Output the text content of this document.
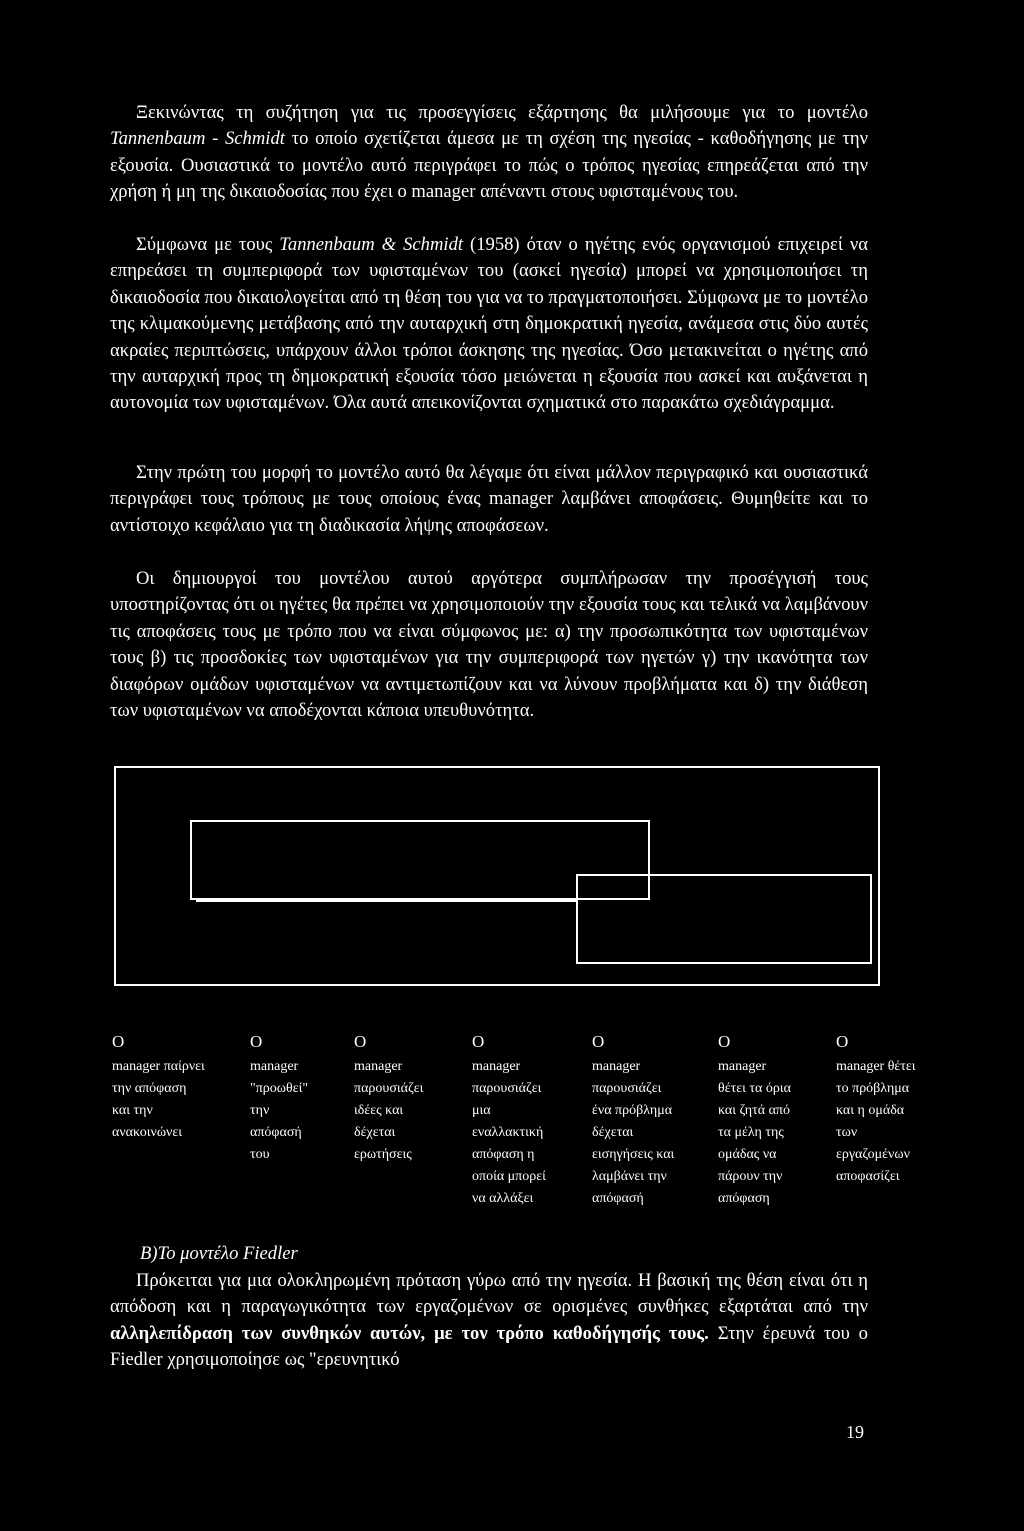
Ξεκινώντας τη συζήτηση για τις προσεγγίσεις εξάρτησης θα μιλήσουμε για το μοντέλο Tannenbaum - Schmidt το οποίο σχετίζεται άμεσα με τη σχέση της ηγεσίας - καθοδήγησης με την εξουσία. Ουσιαστικά το μοντέλο αυτό περιγράφει το πώς ο τρόπος ηγεσίας επηρεάζεται από την χρήση ή μη της δικαιοδοσίας που έχει ο manager απέναντι στους υφισταμένους του.

Σύμφωνα με τους Tannenbaum & Schmidt (1958) όταν ο ηγέτης ενός οργανισμού επιχειρεί να επηρεάσει τη συμπεριφορά των υφισταμένων του (ασκεί ηγεσία) μπορεί να χρησιμοποιήσει τη δικαιοδοσία που δικαιολογείται από τη θέση του για να το πραγματοποιήσει. Σύμφωνα με το μοντέλο της κλιμακούμενης μετάβασης από την αυταρχική στη δημοκρατική ηγεσία, ανάμεσα στις δύο αυτές ακραίες περιπτώσεις, υπάρχουν άλλοι τρόποι άσκησης της ηγεσίας. Όσο μετακινείται ο ηγέτης από την αυταρχική προς τη δημοκρατική εξουσία τόσο μειώνεται η εξουσία που ασκεί και αυξάνεται η αυτονομία των υφισταμένων. Όλα αυτά απεικονίζονται σχηματικά στο παρακάτω σχεδιάγραμμα.

Στην πρώτη του μορφή το μοντέλο αυτό θα λέγαμε ότι είναι μάλλον περιγραφικό και ουσιαστικά περιγράφει τους τρόπους με τους οποίους ένας manager λαμβάνει αποφάσεις. Θυμηθείτε και το αντίστοιχο κεφάλαιο για τη διαδικασία λήψης αποφάσεων.

Οι δημιουργοί του μοντέλου αυτού αργότερα συμπλήρωσαν την προσέγγισή τους υποστηρίζοντας ότι οι ηγέτες θα πρέπει να χρησιμοποιούν την εξουσία τους και τελικά να λαμβάνουν τις αποφάσεις τους με τρόπο που να είναι σύμφωνος με: α) την προσωπικότητα των υφισταμένων τους β) τις προσδοκίες των υφισταμένων για την συμπεριφορά των ηγετών γ) την ικανότητα των διαφόρων ομάδων υφισταμένων να αντιμετωπίζουν και να λύνουν προβλήματα και δ) την διάθεση των υφισταμένων να αποδέχονται κάποια υπευθυνότητα.

Ο
manager παίρνει
την απόφαση
και την
ανακοινώνει
Ο
manager
"προωθεί"
την
απόφασή
του
Ο
manager
παρουσιάζει
ιδέες και
δέχεται
ερωτήσεις
Ο
manager
παρουσιάζει
μια
εναλλακτική
απόφαση η
οποία μπορεί
να αλλάξει
Ο
manager
παρουσιάζει
ένα πρόβλημα
δέχεται
εισηγήσεις και
λαμβάνει την
απόφασή
Ο
manager
θέτει τα όρια
και ζητά από
τα μέλη της
ομάδας να
πάρουν την
απόφαση
Ο
manager θέτει
το πρόβλημα
και η ομάδα
των
εργαζομένων
αποφασίζει
Β)Το μοντέλο Fiedler

Πρόκειται για μια ολοκληρωμένη πρόταση γύρω από την ηγεσία. Η βασική της θέση είναι ότι η απόδοση και η παραγωγικότητα των εργαζομένων σε ορισμένες συνθήκες εξαρτάται από την αλληλεπίδραση των συνθηκών αυτών, με τον τρόπο καθοδήγησής τους. Στην έρευνά του ο Fiedler χρησιμοποίησε ως "ερευνητικό

19
